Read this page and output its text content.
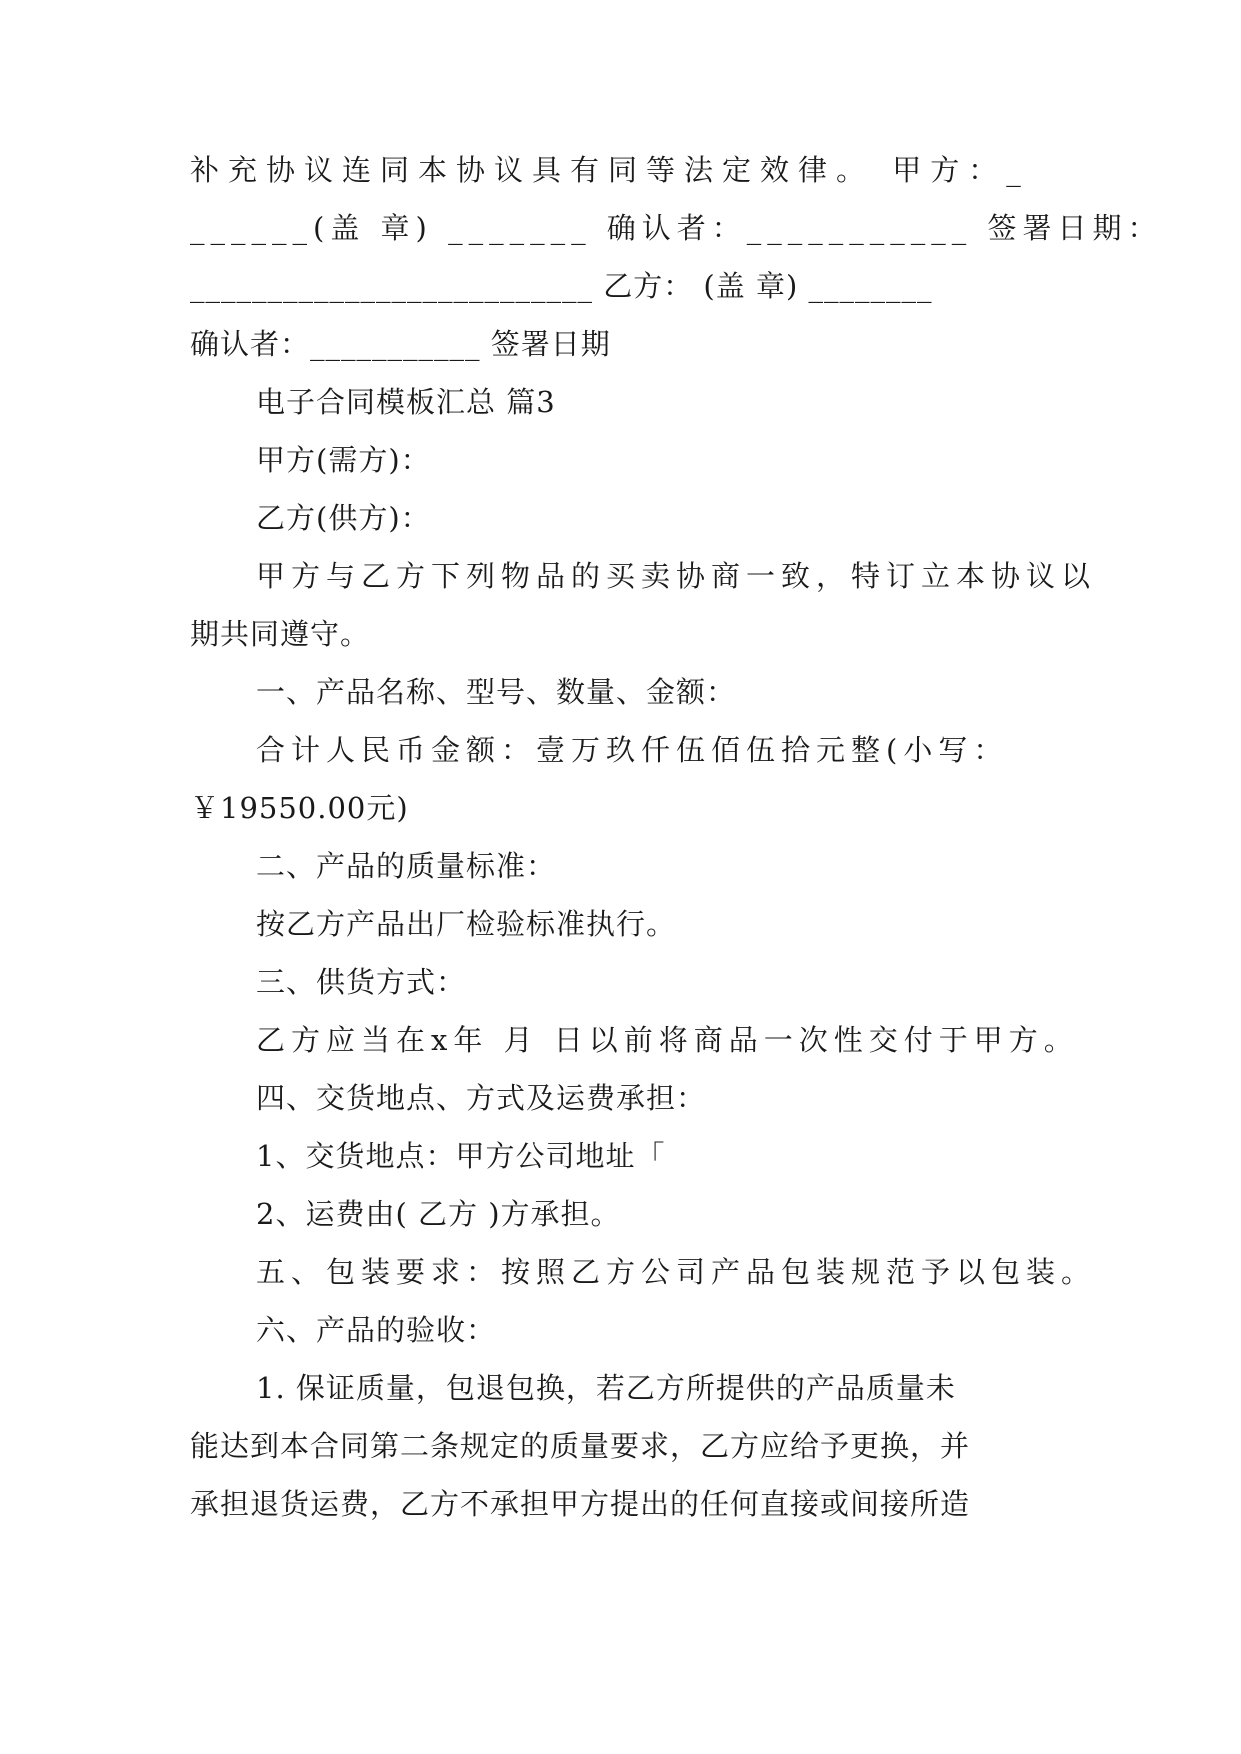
补充协议连同本协议具有同等法定效律。 甲方：_
______(盖 章) _______ 确认者：___________ 签署日期：
__________________________ 乙方： (盖 章) ________
确认者：___________ 签署日期
电子合同模板汇总 篇3
甲方(需方)：
乙方(供方)：
甲方与乙方下列物品的买卖协商一致，特订立本协议以
期共同遵守。
一、产品名称、型号、数量、金额：
合计人民币金额：壹万玖仟伍佰伍拾元整(小写：
￥19550.00元)
二、产品的质量标准：
按乙方产品出厂检验标准执行。
三、供货方式：
乙方应当在x年 月 日以前将商品一次性交付于甲方。
四、交货地点、方式及运费承担：
1、交货地点：甲方公司地址「
2、运费由( 乙方 )方承担。
五、包装要求：按照乙方公司产品包装规范予以包装。
六、产品的验收：
1. 保证质量，包退包换，若乙方所提供的产品质量未
能达到本合同第二条规定的质量要求，乙方应给予更换，并
承担退货运费，乙方不承担甲方提出的任何直接或间接所造
